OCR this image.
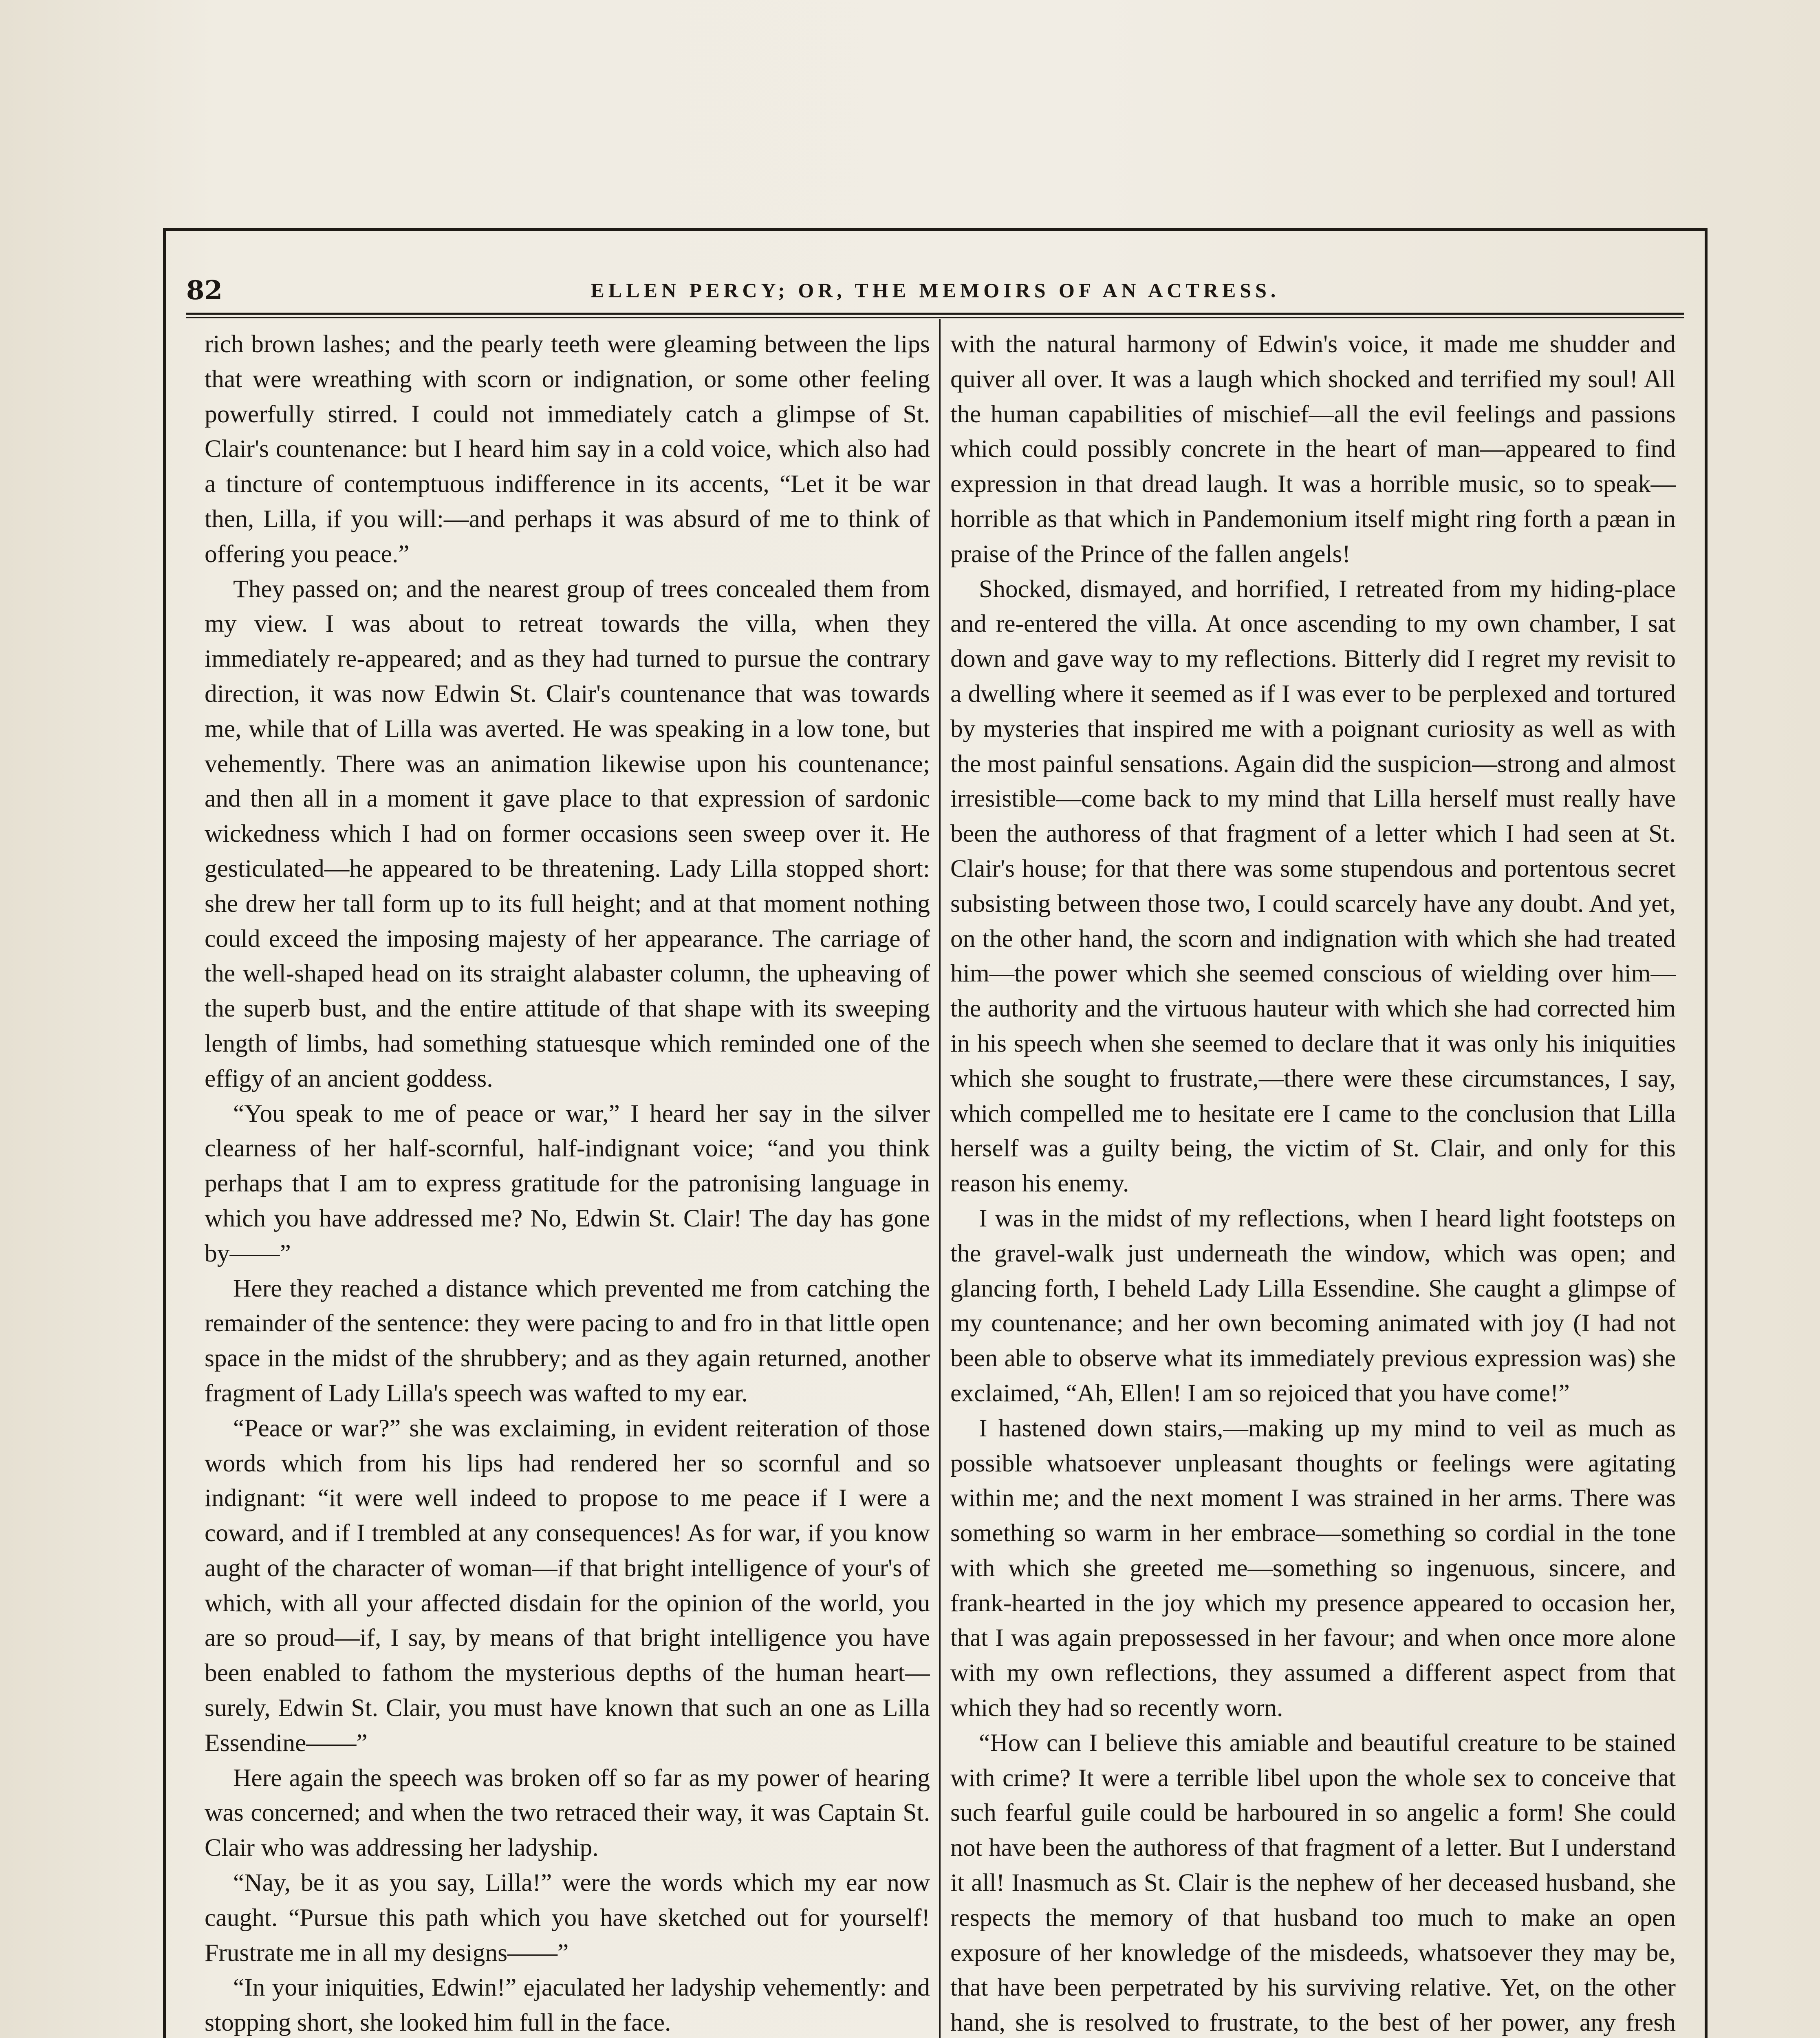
82	ELLEN PERCY; OR, THE MEMOIRS OF AN ACTRESS.

rich brown lashes; and the pearly teeth were gleaming between the lips that were wreathing with scorn or indignation, or some other feeling powerfully stirred. I could not immediately catch a glimpse of St. Clair's countenance: but I heard him say in a cold voice, which also had a tincture of contemptuous indifference in its accents, “Let it be war then, Lilla, if you will:—and perhaps it was absurd of me to think of offering you peace.”

They passed on; and the nearest group of trees concealed them from my view. I was about to retreat towards the villa, when they immediately re-appeared; and as they had turned to pursue the contrary direction, it was now Edwin St. Clair's countenance that was towards me, while that of Lilla was averted. He was speaking in a low tone, but vehemently. There was an animation likewise upon his countenance; and then all in a moment it gave place to that expression of sardonic wickedness which I had on former occasions seen sweep over it. He gesticulated—he appeared to be threatening. Lady Lilla stopped short: she drew her tall form up to its full height; and at that moment nothing could exceed the imposing majesty of her appearance. The carriage of the well-shaped head on its straight alabaster column, the upheaving of the superb bust, and the entire attitude of that shape with its sweeping length of limbs, had something statuesque which reminded one of the effigy of an ancient goddess.

“You speak to me of peace or war,” I heard her say in the silver clearness of her half-scornful, half-indignant voice; “and you think perhaps that I am to express gratitude for the patronising language in which you have addressed me? No, Edwin St. Clair! The day has gone by——”

Here they reached a distance which prevented me from catching the remainder of the sentence: they were pacing to and fro in that little open space in the midst of the shrubbery; and as they again returned, another fragment of Lady Lilla's speech was wafted to my ear.

“Peace or war?” she was exclaiming, in evident reiteration of those words which from his lips had rendered her so scornful and so indignant: “it were well indeed to propose to me peace if I were a coward, and if I trembled at any consequences! As for war, if you know aught of the character of woman—if that bright intelligence of your's of which, with all your affected disdain for the opinion of the world, you are so proud—if, I say, by means of that bright intelligence you have been enabled to fathom the mysterious depths of the human heart—surely, Edwin St. Clair, you must have known that such an one as Lilla Essendine——”

Here again the speech was broken off so far as my power of hearing was concerned; and when the two retraced their way, it was Captain St. Clair who was addressing her ladyship.

“Nay, be it as you say, Lilla!” were the words which my ear now caught. “Pursue this path which you have sketched out for yourself! Frustrate me in all my designs——”

“In your iniquities, Edwin!” ejaculated her ladyship vehemently: and stopping short, she looked him full in the face.

with the natural harmony of Edwin's voice, it made me shudder and quiver all over. It was a laugh which shocked and terrified my soul! All the human capabilities of mischief—all the evil feelings and passions which could possibly concrete in the heart of man—appeared to find expression in that dread laugh. It was a horrible music, so to speak—horrible as that which in Pandemonium itself might ring forth a pæan in praise of the Prince of the fallen angels!

Shocked, dismayed, and horrified, I retreated from my hiding-place and re-entered the villa. At once ascending to my own chamber, I sat down and gave way to my reflections. Bitterly did I regret my revisit to a dwelling where it seemed as if I was ever to be perplexed and tortured by mysteries that inspired me with a poignant curiosity as well as with the most painful sensations. Again did the suspicion—strong and almost irresistible—come back to my mind that Lilla herself must really have been the authoress of that fragment of a letter which I had seen at St. Clair's house; for that there was some stupendous and portentous secret subsisting between those two, I could scarcely have any doubt. And yet, on the other hand, the scorn and indignation with which she had treated him—the power which she seemed conscious of wielding over him—the authority and the virtuous hauteur with which she had corrected him in his speech when she seemed to declare that it was only his iniquities which she sought to frustrate,—there were these circumstances, I say, which compelled me to hesitate ere I came to the conclusion that Lilla herself was a guilty being, the victim of St. Clair, and only for this reason his enemy.

I was in the midst of my reflections, when I heard light footsteps on the gravel-walk just underneath the window, which was open; and glancing forth, I beheld Lady Lilla Essendine. She caught a glimpse of my countenance; and her own becoming animated with joy (I had not been able to observe what its immediately previous expression was) she exclaimed, “Ah, Ellen! I am so rejoiced that you have come!”

I hastened down stairs,—making up my mind to veil as much as possible whatsoever unpleasant thoughts or feelings were agitating within me; and the next moment I was strained in her arms. There was something so warm in her embrace—something so cordial in the tone with which she greeted me—something so ingenuous, sincere, and frank-hearted in the joy which my presence appeared to occasion her, that I was again prepossessed in her favour; and when once more alone with my own reflections, they assumed a different aspect from that which they had so recently worn.

“How can I believe this amiable and beautiful creature to be stained with crime? It were a terrible libel upon the whole sex to conceive that such fearful guile could be harboured in so angelic a form! She could not have been the authoress of that fragment of a letter. But I understand it all! Inasmuch as St. Clair is the nephew of her deceased husband, she respects the memory of that husband too much to make an open exposure of her knowledge of the misdeeds, whatsoever they may be, that have been perpetrated by his surviving relative. Yet, on the other hand, she is resolved to frustrate, to the best of her power, any fresh
